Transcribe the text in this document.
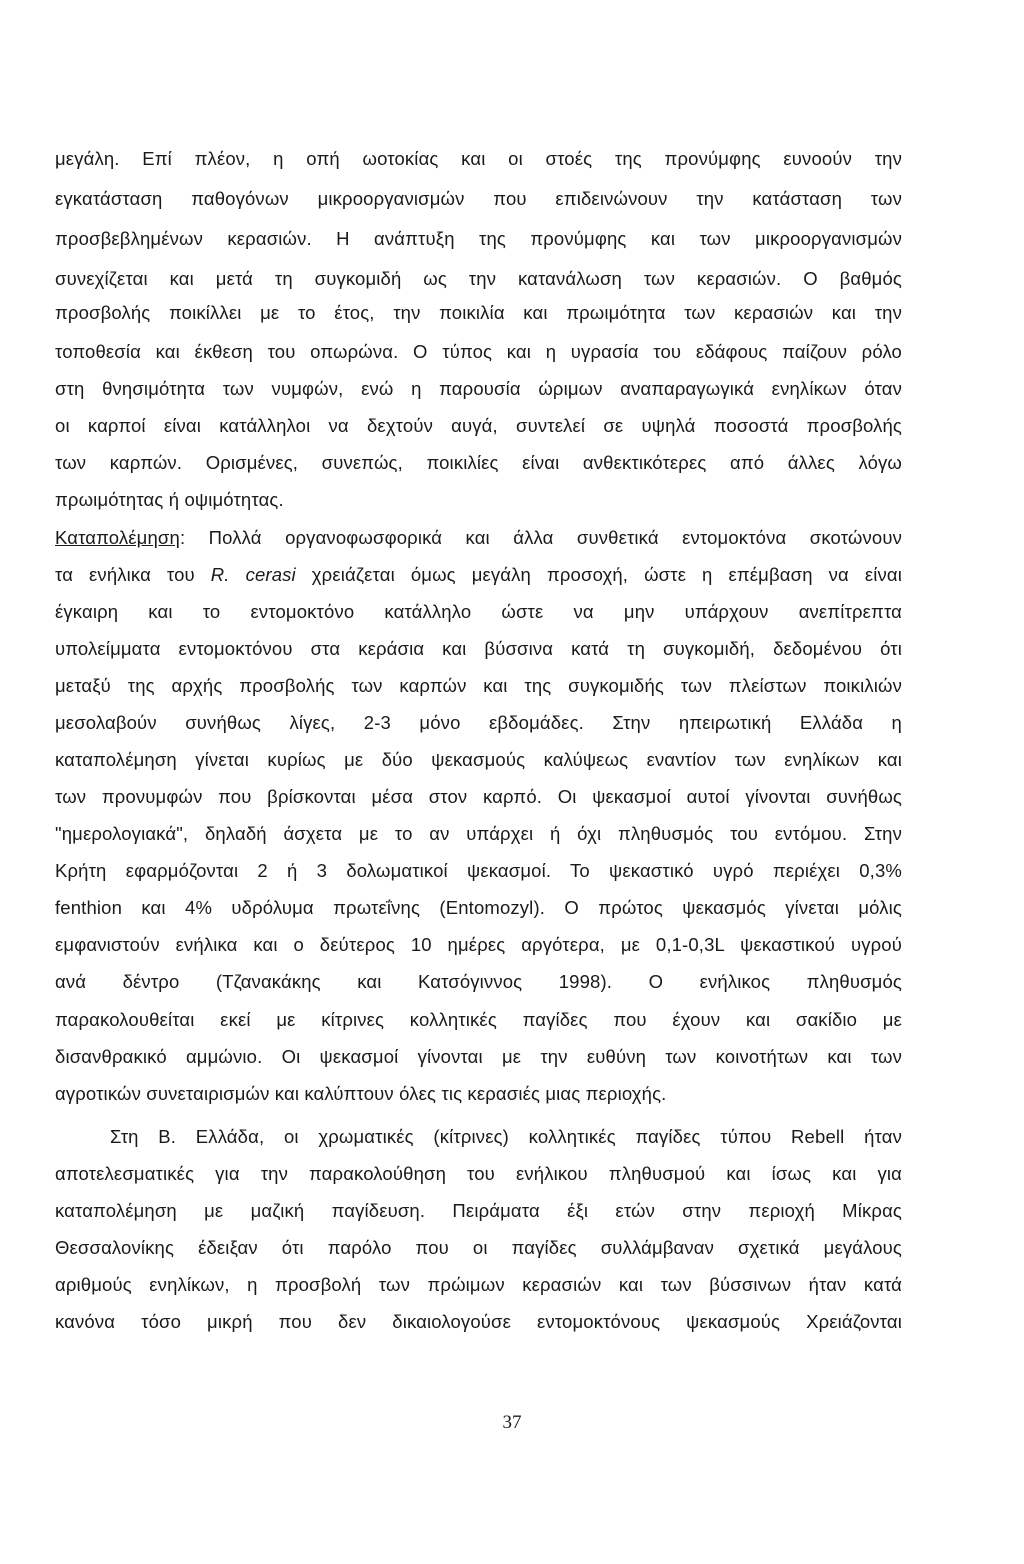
μεγάλη. Επί πλέον, η οπή ωοτοκίας και οι στοές της προνύμφης ευνοούν την
εγκατάσταση παθογόνων μικροοργανισμών που επιδεινώνουν την κατάσταση των
προσβεβλημένων κερασιών. Η ανάπτυξη της προνύμφης και των μικροοργανισμών
συνεχίζεται και μετά τη συγκομιδή ως την κατανάλωση των κερασιών. Ο βαθμός
προσβολής ποικίλλει με το έτος, την ποικιλία και πρωιμότητα των κερασιών και την
τοποθεσία και έκθεση του οπωρώνα. Ο τύπος και η υγρασία του εδάφους παίζουν ρόλο
στη θνησιμότητα των νυμφών, ενώ η παρουσία ώριμων αναπαραγωγικά ενηλίκων όταν
οι καρποί είναι κατάλληλοι να δεχτούν αυγά, συντελεί σε υψηλά ποσοστά προσβολής
των καρπών. Ορισμένες, συνεπώς, ποικιλίες είναι ανθεκτικότερες από άλλες λόγω
πρωιμότητας ή οψιμότητας.
Καταπολέμηση: Πολλά οργανοφωσφορικά και άλλα συνθετικά εντομοκτόνα σκοτώνουν
τα ενήλικα του R. cerasi χρειάζεται όμως μεγάλη προσοχή, ώστε η επέμβαση να είναι
έγκαιρη και το εντομοκτόνο κατάλληλο ώστε να μην υπάρχουν ανεπίτρεπτα
υπολείμματα εντομοκτόνου στα κεράσια και βύσσινα κατά τη συγκομιδή, δεδομένου ότι
μεταξύ της αρχής προσβολής των καρπών και της συγκομιδής των πλείστων ποικιλιών
μεσολαβούν συνήθως λίγες, 2-3 μόνο εβδομάδες. Στην ηπειρωτική Ελλάδα η
καταπολέμηση γίνεται κυρίως με δύο ψεκασμούς καλύψεως εναντίον των ενηλίκων και
των προνυμφών που βρίσκονται μέσα στον καρπό. Οι ψεκασμοί αυτοί γίνονται συνήθως
"ημερολογιακά", δηλαδή άσχετα με το αν υπάρχει ή όχι πληθυσμός του εντόμου. Στην
Κρήτη εφαρμόζονται 2 ή 3 δολωματικοί ψεκασμοί. Το ψεκαστικό υγρό περιέχει 0,3%
fenthion και 4% υδρόλυμα πρωτεΐνης (Entomozyl). Ο πρώτος ψεκασμός γίνεται μόλις
εμφανιστούν ενήλικα και ο δεύτερος 10 ημέρες αργότερα, με 0,1-0,3L ψεκαστικού υγρού
ανά δέντρο (Τζανακάκης και Κατσόγιννος 1998). Ο ενήλικος πληθυσμός
παρακολουθείται εκεί με κίτρινες κολλητικές παγίδες που έχουν και σακίδιο με
δισανθρακικό αμμώνιο. Οι ψεκασμοί γίνονται με την ευθύνη των κοινοτήτων και των
αγροτικών συνεταιρισμών και καλύπτουν όλες τις κερασιές μιας περιοχής.
Στη Β. Ελλάδα, οι χρωματικές (κίτρινες) κολλητικές παγίδες τύπου Rebell ήταν
αποτελεσματικές για την παρακολούθηση του ενήλικου πληθυσμού και ίσως και για
καταπολέμηση με μαζική παγίδευση. Πειράματα έξι ετών στην περιοχή Μίκρας
Θεσσαλονίκης έδειξαν ότι παρόλο που οι παγίδες συλλάμβαναν σχετικά μεγάλους
αριθμούς ενηλίκων, η προσβολή των πρώιμων κερασιών και των βύσσινων ήταν κατά
κανόνα τόσο μικρή που δεν δικαιολογούσε εντομοκτόνους ψεκασμούς Χρειάζονται
37
